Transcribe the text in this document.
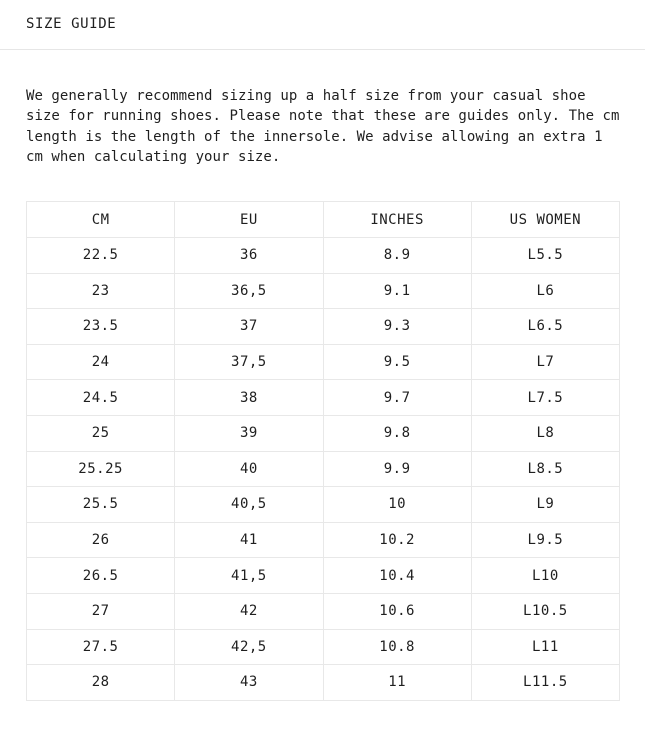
SIZE GUIDE

We generally recommend sizing up a half size from your casual shoe size for running shoes. Please note that these are guides only. The cm length is the length of the innersole. We advise allowing an extra 1 cm when calculating your size.

CM	EU	INCHES	US WOMEN
22.5	36	8.9	L5.5
23	36,5	9.1	L6
23.5	37	9.3	L6.5
24	37,5	9.5	L7
24.5	38	9.7	L7.5
25	39	9.8	L8
25.25	40	9.9	L8.5
25.5	40,5	10	L9
26	41	10.2	L9.5
26.5	41,5	10.4	L10
27	42	10.6	L10.5
27.5	42,5	10.8	L11
28	43	11	L11.5
